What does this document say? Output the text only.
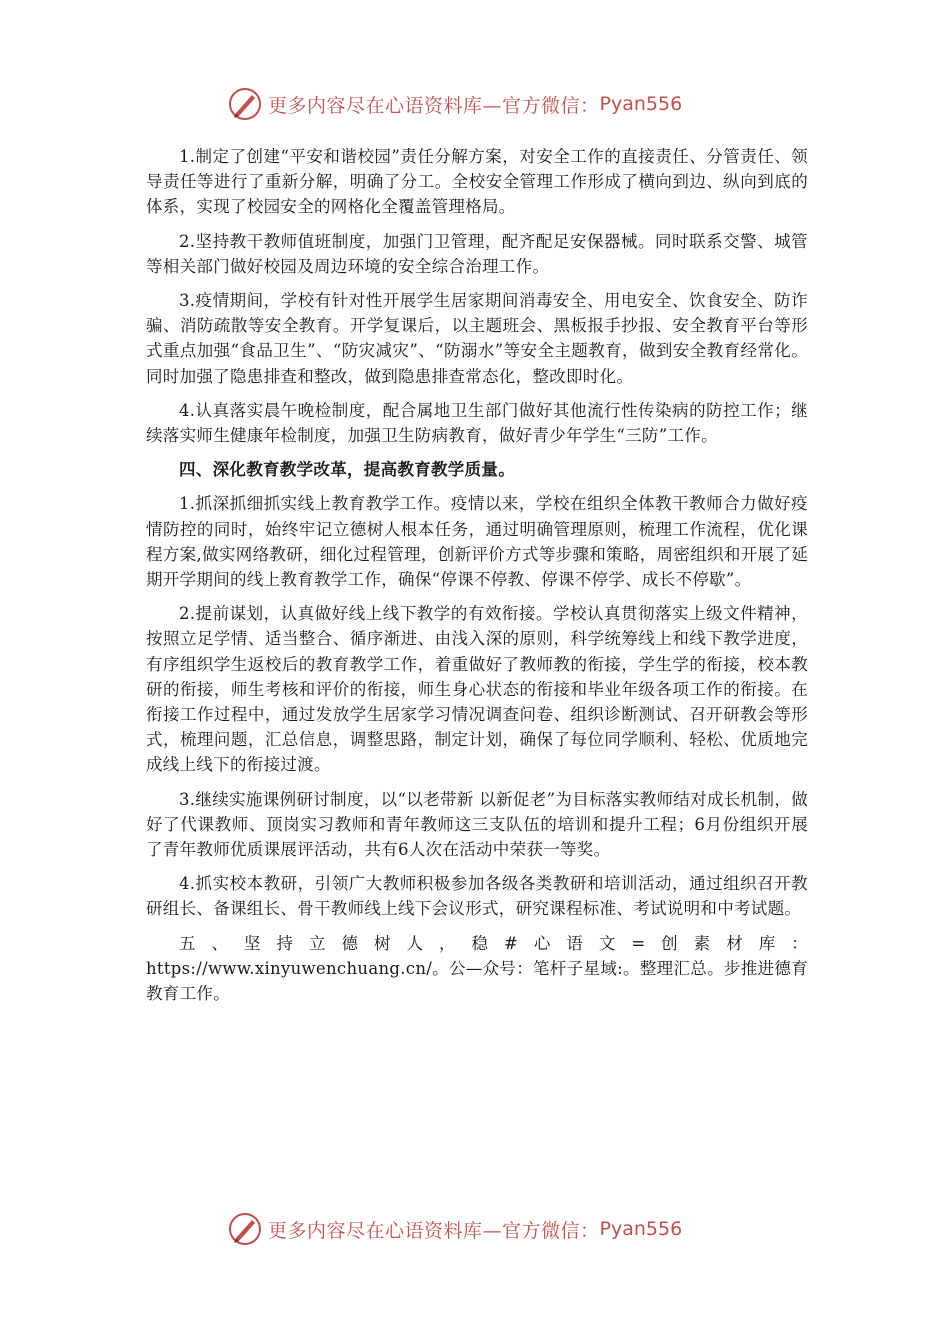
更多内容尽在心语资料库—官方微信： Pyan556

1.制定了创建“平安和谐校园”责任分解方案，对安全工作的直接责任、分管责任、领导责任等进行了重新分解，明确了分工。全校安全管理工作形成了横向到边、纵向到底的体系，实现了校园安全的网格化全覆盖管理格局。

2.坚持教干教师值班制度，加强门卫管理，配齐配足安保器械。同时联系交警、城管等相关部门做好校园及周边环境的安全综合治理工作。

3.疫情期间，学校有针对性开展学生居家期间消毒安全、用电安全、饮食安全、防诈骗、消防疏散等安全教育。开学复课后，以主题班会、黑板报手抄报、安全教育平台等形式重点加强“食品卫生”、“防灾减灾”、“防溺水”等安全主题教育，做到安全教育经常化。同时加强了隐患排查和整改，做到隐患排查常态化，整改即时化。

4.认真落实晨午晚检制度，配合属地卫生部门做好其他流行性传染病的防控工作；继续落实师生健康年检制度，加强卫生防病教育，做好青少年学生“三防”工作。

四、深化教育教学改革，提高教育教学质量。

1.抓深抓细抓实线上教育教学工作。疫情以来，学校在组织全体教干教师合力做好疫情防控的同时，始终牢记立德树人根本任务，通过明确管理原则，梳理工作流程，优化课程方案,做实网络教研，细化过程管理，创新评价方式等步骤和策略，周密组织和开展了延期开学期间的线上教育教学工作，确保“停课不停教、停课不停学、成长不停歇”。

2.提前谋划，认真做好线上线下教学的有效衔接。学校认真贯彻落实上级文件精神，按照立足学情、适当整合、循序渐进、由浅入深的原则，科学统筹线上和线下教学进度，有序组织学生返校后的教育教学工作，着重做好了教师教的衔接，学生学的衔接，校本教研的衔接，师生考核和评价的衔接，师生身心状态的衔接和毕业年级各项工作的衔接。在衔接工作过程中，通过发放学生居家学习情况调查问卷、组织诊断测试、召开研教会等形式，梳理问题，汇总信息，调整思路，制定计划，确保了每位同学顺利、轻松、优质地完成线上线下的衔接过渡。

3.继续实施课例研讨制度，以“以老带新 以新促老”为目标落实教师结对成长机制，做好了代课教师、顶岗实习教师和青年教师这三支队伍的培训和提升工程；6月份组织开展了青年教师优质课展评活动，共有6人次在活动中荣获一等奖。

4.抓实校本教研，引领广大教师积极参加各级各类教研和培训活动，通过组织召开教研组长、备课组长、骨干教师线上线下会议形式，研究课程标准、考试说明和中考试题。

五、坚持立德树人，稳#心语文=创素材库：https://www.xinyuwenchuang.cn/。公—众号：笔杆子星域:。整理汇总。步推进德育教育工作。

更多内容尽在心语资料库—官方微信： Pyan556
